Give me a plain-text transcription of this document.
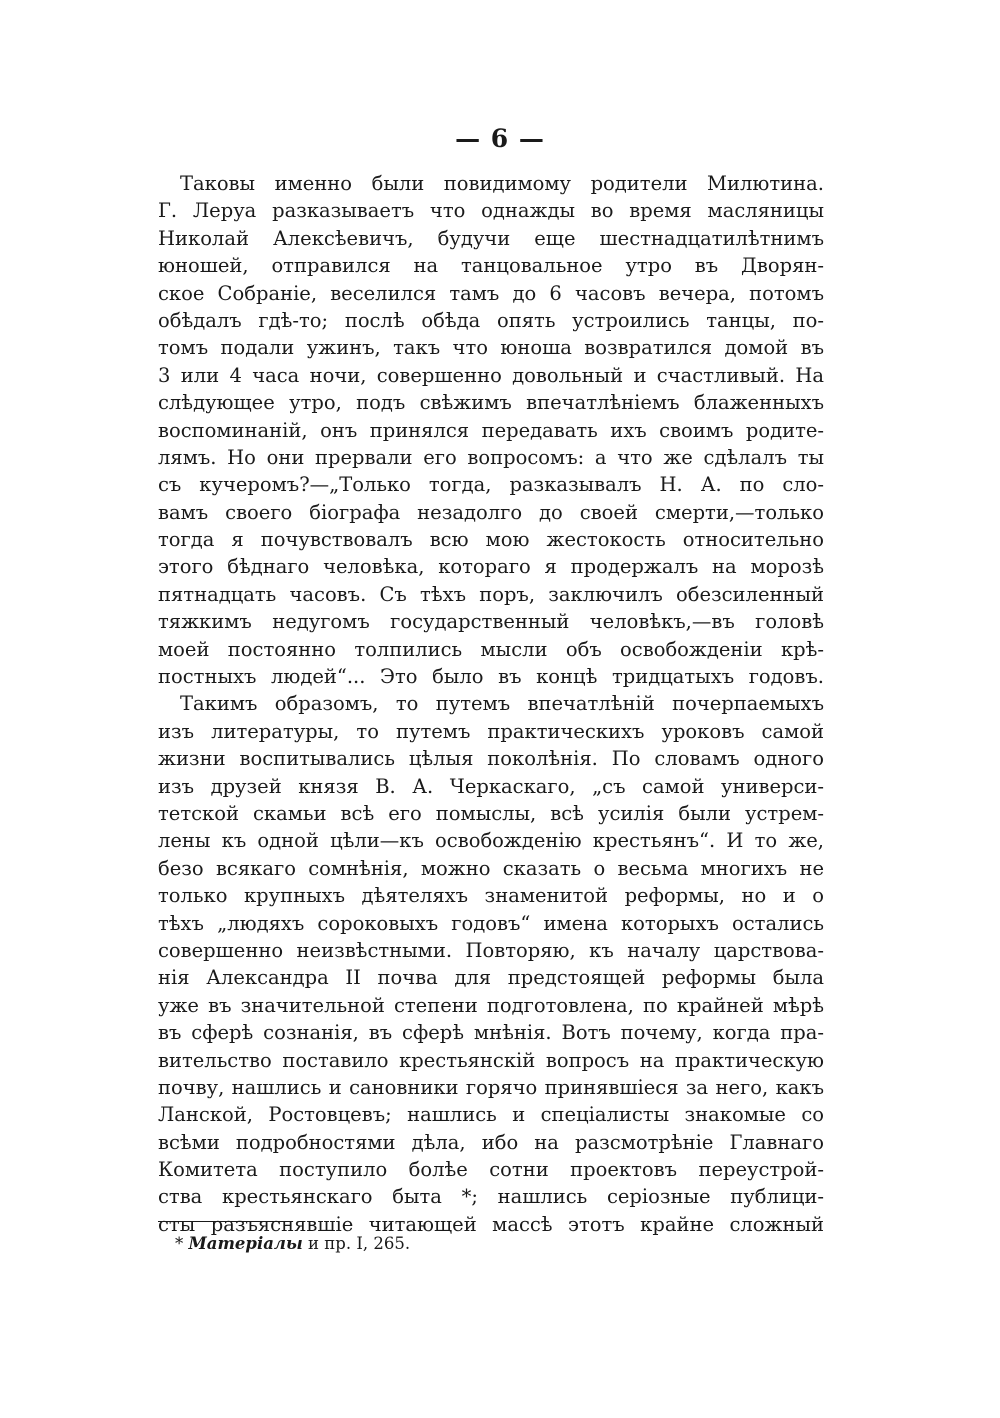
— 6 —
Таковы именно были повидимому родители Милютина.
Г. Леруа разказываетъ что однажды во время масляницы
Николай Алексѣевичъ, будучи еще шестнадцатилѣтнимъ
юношей, отправился на танцовальное утро въ Дворян-
ское Собраніе, веселился тамъ до 6 часовъ вечера, потомъ
обѣдалъ гдѣ-то; послѣ обѣда опять устроились танцы, по-
томъ подали ужинъ, такъ что юноша возвратился домой въ
3 или 4 часа ночи, совершенно довольный и счастливый. На
слѣдующее утро, подъ свѣжимъ впечатлѣніемъ блаженныхъ
воспоминаній, онъ принялся передавать ихъ своимъ родите-
лямъ. Но они прервали его вопросомъ: а что же сдѣлалъ ты
съ кучеромъ?—„Только тогда, разказывалъ Н. А. по сло-
вамъ своего біографа незадолго до своей смерти,—только
тогда я почувствовалъ всю мою жестокость относительно
этого бѣднаго человѣка, котораго я продержалъ на морозѣ
пятнадцать часовъ. Съ тѣхъ поръ, заключилъ обезсиленный
тяжкимъ недугомъ государственный человѣкъ,—въ головѣ
моей постоянно толпились мысли объ освобожденіи крѣ-
постныхъ людей“... Это было въ концѣ тридцатыхъ годовъ.
Такимъ образомъ, то путемъ впечатлѣній почерпаемыхъ
изъ литературы, то путемъ практическихъ уроковъ самой
жизни воспитывались цѣлыя поколѣнія. По словамъ одного
изъ друзей князя В. А. Черкаскаго, „съ самой универси-
тетской скамьи всѣ его помыслы, всѣ усилія были устрем-
лены къ одной цѣли—къ освобожденію крестьянъ“. И то же,
безо всякаго сомнѣнія, можно сказать о весьма многихъ не
только крупныхъ дѣятеляхъ знаменитой реформы, но и о
тѣхъ „людяхъ сороковыхъ годовъ“ имена которыхъ остались
совершенно неизвѣстными. Повторяю, къ началу царствова-
нія Александра II почва для предстоящей реформы была
уже въ значительной степени подготовлена, по крайней мѣрѣ
въ сферѣ сознанія, въ сферѣ мнѣнія. Вотъ почему, когда пра-
вительство поставило крестьянскій вопросъ на практическую
почву, нашлись и сановники горячо принявшіеся за него, какъ
Ланской, Ростовцевъ; нашлись и спеціалисты знакомые со
всѣми подробностями дѣла, ибо на разсмотрѣніе Главнаго
Комитета поступило болѣе сотни проектовъ переустрой-
ства крестьянскаго быта *; нашлись серіозные публици-
сты разъяснявшіе читающей массѣ этотъ крайне сложный
* Матеріалы и пр. I, 265.
